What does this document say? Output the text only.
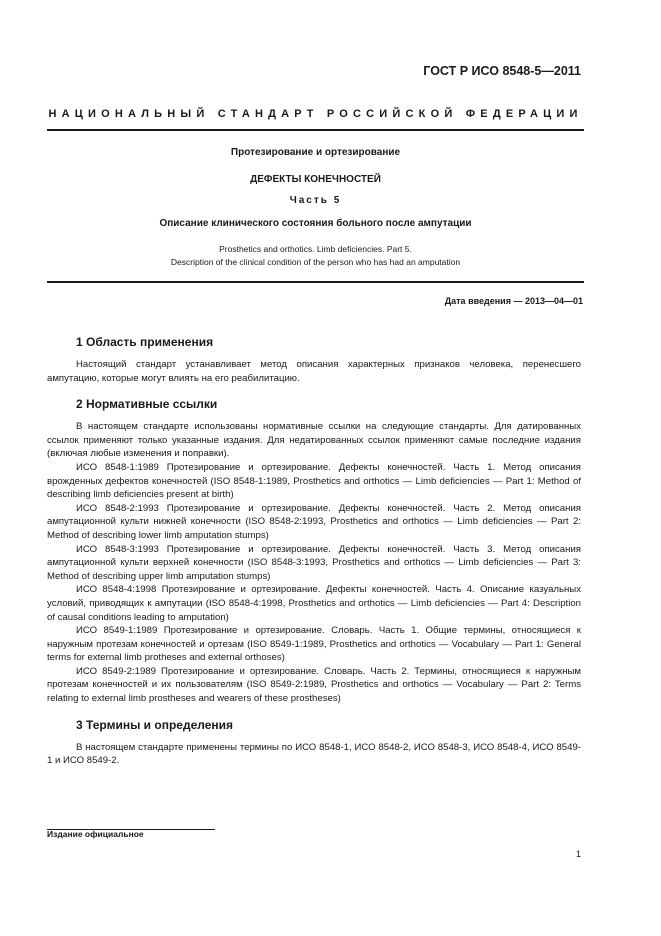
ГОСТ Р ИСО 8548-5—2011
НАЦИОНАЛЬНЫЙ СТАНДАРТ РОССИЙСКОЙ ФЕДЕРАЦИИ
Протезирование и ортезирование
ДЕФЕКТЫ КОНЕЧНОСТЕЙ
Часть 5
Описание клинического состояния больного после ампутации
Prosthetics and orthotics. Limb deficiencies. Part 5.
Description of the clinical condition of the person who has had an amputation
Дата введения — 2013—04—01
1 Область применения

Настоящий стандарт устанавливает метод описания характерных признаков человека, перенесшего ампутацию, которые могут влиять на его реабилитацию.

2 Нормативные ссылки

В настоящем стандарте использованы нормативные ссылки на следующие стандарты. Для датированных ссылок применяют только указанные издания. Для недатированных ссылок применяют самые последние издания (включая любые изменения и поправки).

ИСО 8548-1:1989 Протезирование и ортезирование. Дефекты конечностей. Часть 1. Метод описания врожденных дефектов конечностей (ISO 8548-1:1989, Prosthetics and orthotics — Limb deficiencies — Part 1: Method of describing limb deficiencies present at birth)

ИСО 8548-2:1993 Протезирование и ортезирование. Дефекты конечностей. Часть 2. Метод описания ампутационной культи нижней конечности (ISO 8548-2:1993, Prosthetics and orthotics — Limb deficiencies — Part 2: Method of describing lower limb amputation stumps)

ИСО 8548-3:1993 Протезирование и ортезирование. Дефекты конечностей. Часть 3. Метод описания ампутационной культи верхней конечности (ISO 8548-3:1993, Prosthetics and orthotics — Limb deficiencies — Part 3: Method of describing upper limb amputation stumps)

ИСО 8548-4:1998 Протезирование и ортезирование. Дефекты конечностей. Часть 4. Описание казуальных условий, приводящих к ампутации (ISO 8548-4:1998, Prosthetics and orthotics — Limb deficiencies — Part 4: Description of causal conditions leading to amputation)

ИСО 8549-1:1989 Протезирование и ортезирование. Словарь. Часть 1. Общие термины, относящиеся к наружным протезам конечностей и ортезам (ISO 8549-1:1989, Prosthetics and orthotics — Vocabulary — Part 1: General terms for external limb protheses and external orthoses)

ИСО 8549-2:1989 Протезирование и ортезирование. Словарь. Часть 2. Термины, относящиеся к наружным протезам конечностей и их пользователям (ISO 8549-2:1989, Prosthetics and orthotics — Vocabulary — Part 2: Terms relating to external limb prostheses and wearers of these prostheses)

3 Термины и определения

В настоящем стандарте применены термины по ИСО 8548-1, ИСО 8548-2, ИСО 8548-3, ИСО 8548-4, ИСО 8549-1 и ИСО 8549-2.

Издание официальное
1
